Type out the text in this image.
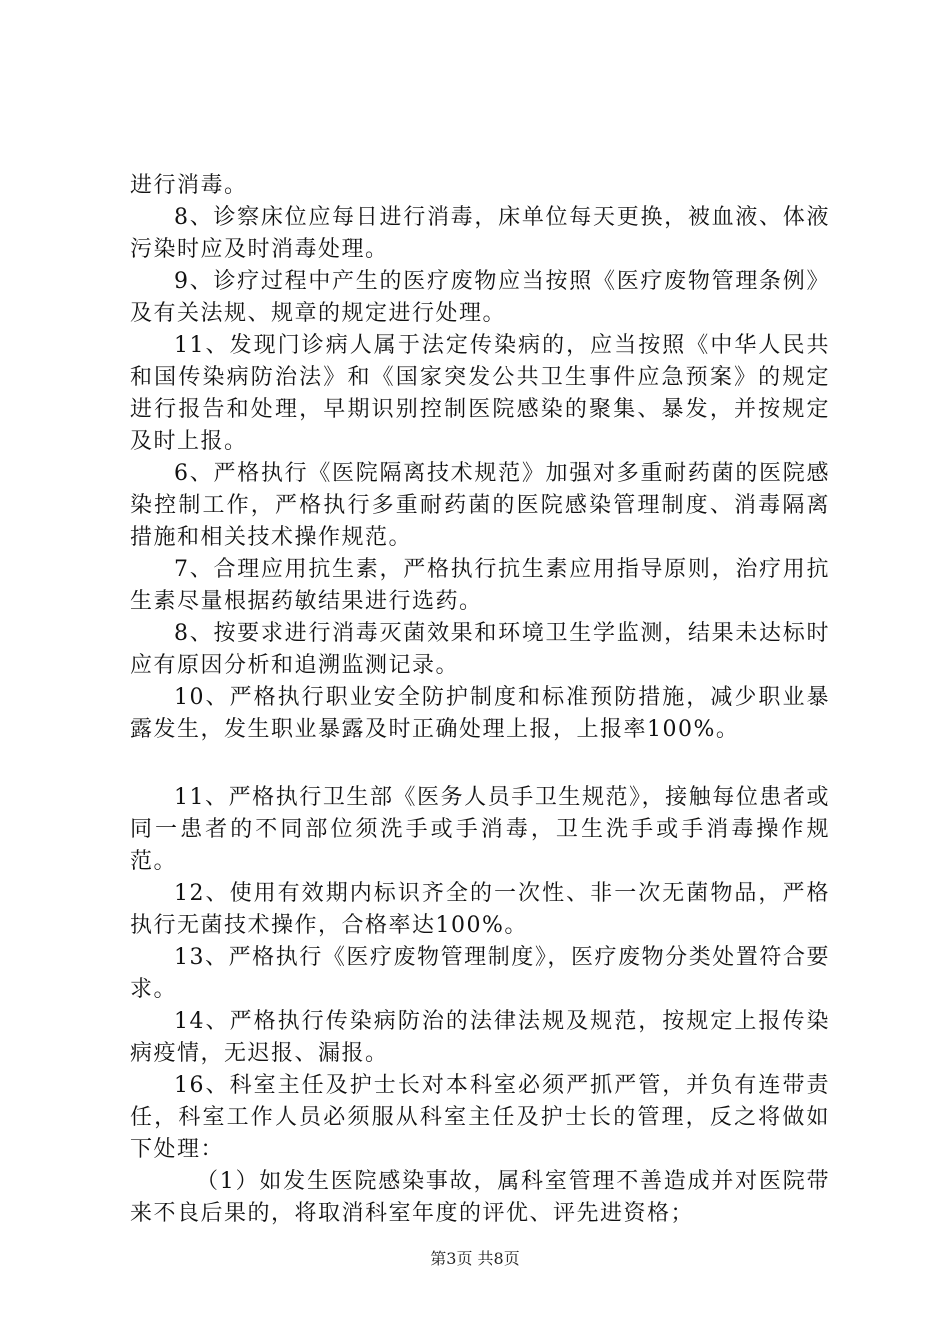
进行消毒。

8、诊察床位应每日进行消毒，床单位每天更换，被血液、体液污染时应及时消毒处理。

9、诊疗过程中产生的医疗废物应当按照《医疗废物管理条例》及有关法规、规章的规定进行处理。

11、发现门诊病人属于法定传染病的，应当按照《中华人民共和国传染病防治法》和《国家突发公共卫生事件应急预案》的规定进行报告和处理，早期识别控制医院感染的聚集、暴发，并按规定及时上报。

6、严格执行《医院隔离技术规范》加强对多重耐药菌的医院感染控制工作，严格执行多重耐药菌的医院感染管理制度、消毒隔离措施和相关技术操作规范。

7、合理应用抗生素，严格执行抗生素应用指导原则，治疗用抗生素尽量根据药敏结果进行选药。

8、按要求进行消毒灭菌效果和环境卫生学监测，结果未达标时应有原因分析和追溯监测记录。

10、严格执行职业安全防护制度和标准预防措施，减少职业暴露发生，发生职业暴露及时正确处理上报，上报率100%。

11、严格执行卫生部《医务人员手卫生规范》，接触每位患者或同一患者的不同部位须洗手或手消毒，卫生洗手或手消毒操作规范。

12、使用有效期内标识齐全的一次性、非一次无菌物品，严格执行无菌技术操作，合格率达100%。

13、严格执行《医疗废物管理制度》，医疗废物分类处置符合要求。

14、严格执行传染病防治的法律法规及规范，按规定上报传染病疫情，无迟报、漏报。

16、科室主任及护士长对本科室必须严抓严管，并负有连带责任，科室工作人员必须服从科室主任及护士长的管理，反之将做如下处理：

（1）如发生医院感染事故，属科室管理不善造成并对医院带来不良后果的，将取消科室年度的评优、评先进资格；

第3页 共8页
